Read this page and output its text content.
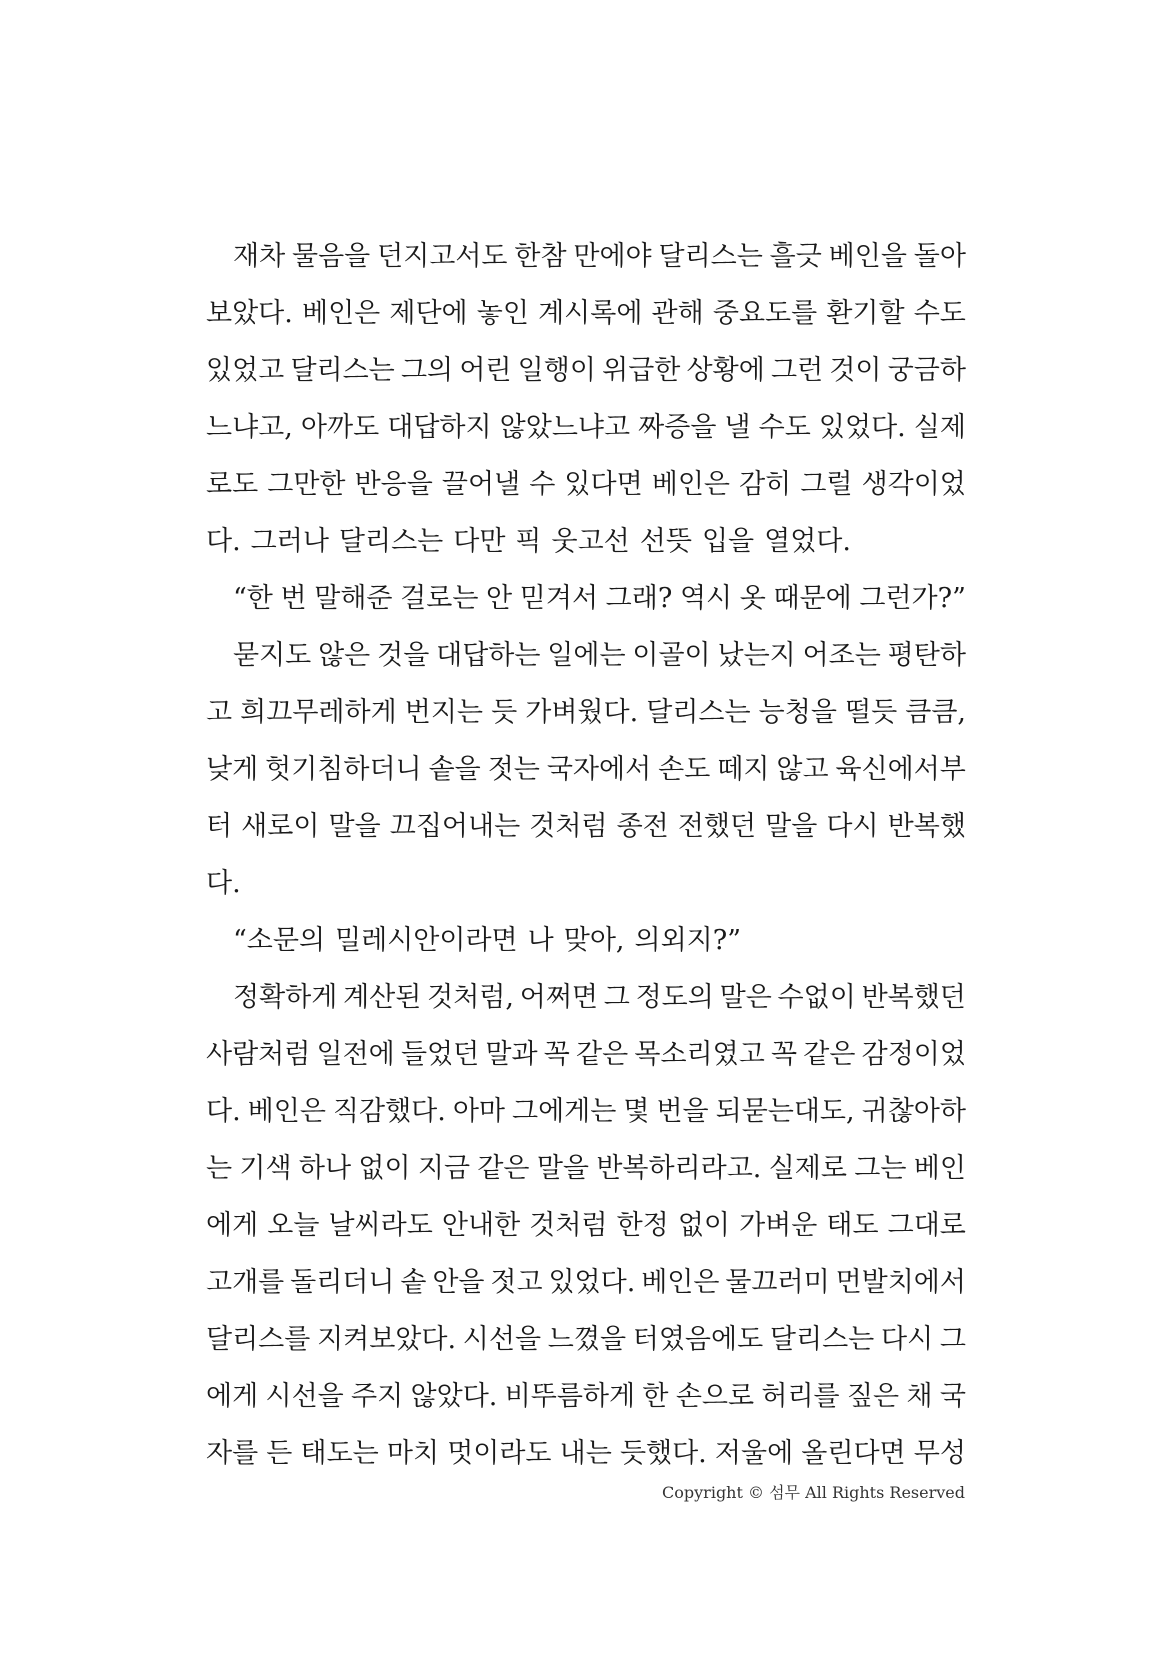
재차 물음을 던지고서도 한참 만에야 달리스는 흘긋 베인을 돌아
보았다. 베인은 제단에 놓인 계시록에 관해 중요도를 환기할 수도
있었고 달리스는 그의 어린 일행이 위급한 상황에 그런 것이 궁금하
느냐고, 아까도 대답하지 않았느냐고 짜증을 낼 수도 있었다. 실제
로도 그만한 반응을 끌어낼 수 있다면 베인은 감히 그럴 생각이었
다. 그러나 달리스는 다만 픽 웃고선 선뜻 입을 열었다.
“한 번 말해준 걸로는 안 믿겨서 그래? 역시 옷 때문에 그런가?”
묻지도 않은 것을 대답하는 일에는 이골이 났는지 어조는 평탄하
고 희끄무레하게 번지는 듯 가벼웠다. 달리스는 능청을 떨듯 큼큼,
낮게 헛기침하더니 솥을 젓는 국자에서 손도 떼지 않고 육신에서부
터 새로이 말을 끄집어내는 것처럼 종전 전했던 말을 다시 반복했
다.
“소문의 밀레시안이라면 나 맞아, 의외지?”
정확하게 계산된 것처럼, 어쩌면 그 정도의 말은 수없이 반복했던
사람처럼 일전에 들었던 말과 꼭 같은 목소리였고 꼭 같은 감정이었
다. 베인은 직감했다. 아마 그에게는 몇 번을 되묻는대도, 귀찮아하
는 기색 하나 없이 지금 같은 말을 반복하리라고. 실제로 그는 베인
에게 오늘 날씨라도 안내한 것처럼 한정 없이 가벼운 태도 그대로
고개를 돌리더니 솥 안을 젓고 있었다. 베인은 물끄러미 먼발치에서
달리스를 지켜보았다. 시선을 느꼈을 터였음에도 달리스는 다시 그
에게 시선을 주지 않았다. 비뚜름하게 한 손으로 허리를 짚은 채 국
자를 든 태도는 마치 멋이라도 내는 듯했다. 저울에 올린다면 무성
Copyright © 섬무 All Rights Reserved
